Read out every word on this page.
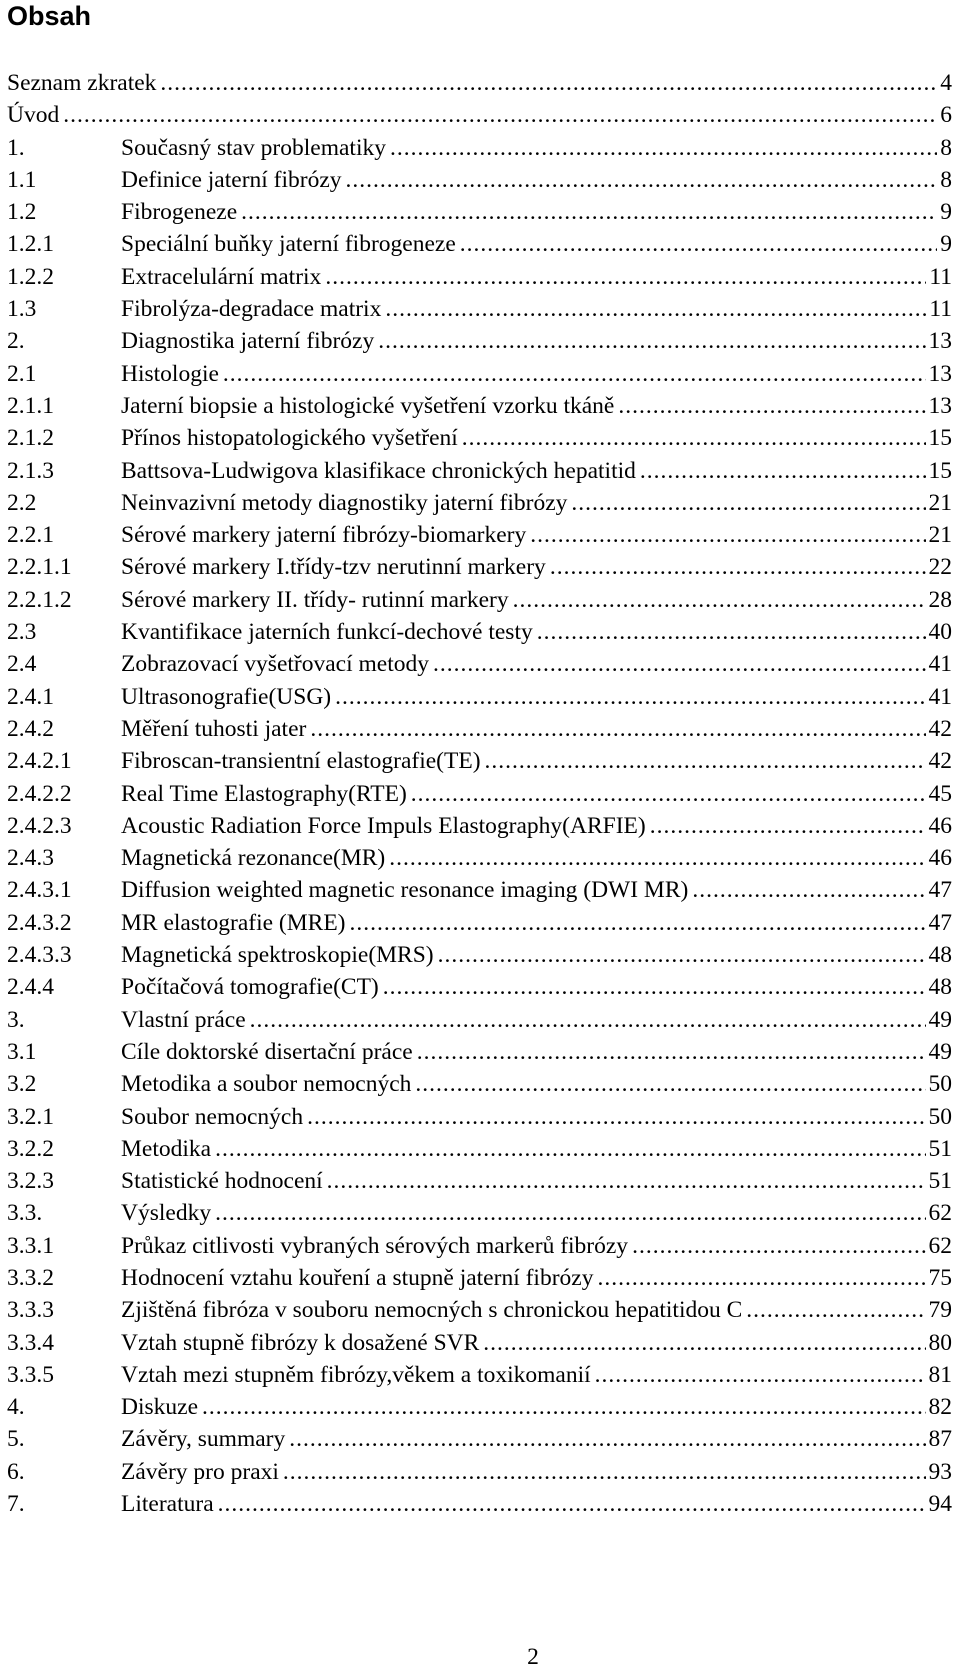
Obsah
Seznam zkratek .....	4
Úvod .....	6
1.	Současný stav problematiky .....	8
1.1	Definice jaterní fibrózy .....	8
1.2	Fibrogeneze .....	9
1.2.1	Speciální buňky jaterní fibrogeneze .....	9
1.2.2	Extracelulární matrix .....	11
1.3	Fibrolýza-degradace matrix .....	11
2.	Diagnostika jaterní fibrózy .....	13
2.1	Histologie .....	13
2.1.1	Jaterní biopsie a histologické vyšetření vzorku tkáně .....	13
2.1.2	Přínos histopatologického vyšetření .....	15
2.1.3	Battsova-Ludwigova klasifikace chronických hepatitid .....	15
2.2	Neinvazivní metody diagnostiky jaterní fibrózy .....	21
2.2.1	Sérové markery jaterní fibrózy-biomarkery .....	21
2.2.1.1	Sérové markery I.třídy-tzv nerutinní markery .....	22
2.2.1.2	Sérové markery II. třídy- rutinní markery .....	28
2.3	Kvantifikace jaterních funkcí-dechové testy .....	40
2.4	Zobrazovací vyšetřovací metody .....	41
2.4.1	Ultrasonografie(USG) .....	41
2.4.2	Měření tuhosti jater .....	42
2.4.2.1	Fibroscan-transientní elastografie(TE) .....	42
2.4.2.2	Real Time Elastography(RTE) .....	45
2.4.2.3	Acoustic Radiation Force Impuls Elastography(ARFIE) .....	46
2.4.3	Magnetická rezonance(MR) .....	46
2.4.3.1	Diffusion weighted magnetic resonance imaging (DWI MR) .....	47
2.4.3.2	MR elastografie (MRE) .....	47
2.4.3.3	Magnetická spektroskopie(MRS) .....	48
2.4.4	Počítačová tomografie(CT) .....	48
3.	Vlastní práce .....	49
3.1	Cíle doktorské disertační práce .....	49
3.2	Metodika a soubor nemocných .....	50
3.2.1	Soubor nemocných .....	50
3.2.2	Metodika .....	51
3.2.3	Statistické hodnocení .....	51
3.3.	Výsledky .....	62
3.3.1	Průkaz citlivosti vybraných sérových markerů fibrózy .....	62
3.3.2	Hodnocení vztahu kouření a stupně jaterní fibrózy .....	75
3.3.3	Zjištěná fibróza v souboru nemocných s chronickou hepatitidou C .....	79
3.3.4	Vztah stupně fibrózy k dosažené SVR .....	80
3.3.5	Vztah mezi stupněm fibrózy,věkem a toxikomanií .....	81
4.	Diskuze .....	82
5.	Závěry, summary .....	87
6.	Závěry pro praxi .....	93
7.	Literatura .....	94
2
